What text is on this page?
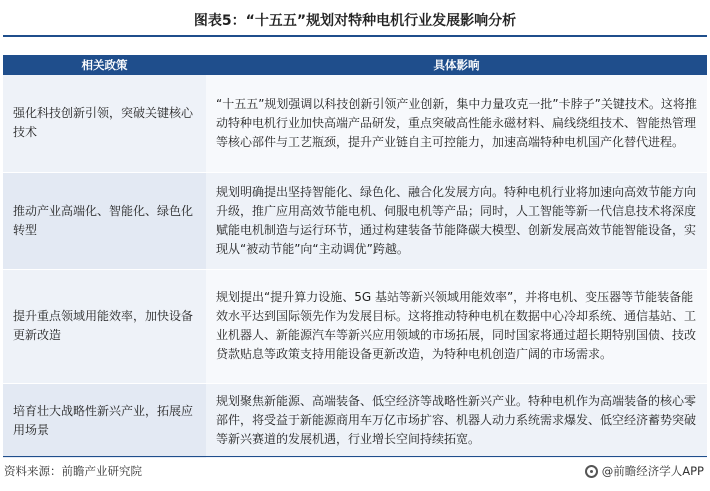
图表5：“十五五”规划对特种电机行业发展影响分析
相关政策	具体影响
强化科技创新引领，突破关键核心技术	“十五五”规划强调以科技创新引领产业创新，集中力量攻克一批”卡脖子”关键技术。这将推动特种电机行业加快高端产品研发，重点突破高性能永磁材料、扁线绕组技术、智能热管理等核心部件与工艺瓶颈，提升产业链自主可控能力，加速高端特种电机国产化替代进程。
推动产业高端化、智能化、绿色化转型	规划明确提出坚持智能化、绿色化、融合化发展方向。特种电机行业将加速向高效节能方向升级，推广应用高效节能电机、伺服电机等产品；同时，人工智能等新一代信息技术将深度赋能电机制造与运行环节，通过构建装备节能降碳大模型、创新发展高效节能智能设备，实现从“被动节能”向“主动调优”跨越。
提升重点领域用能效率，加快设备更新改造	规划提出“提升算力设施、5G 基站等新兴领域用能效率”，并将电机、变压器等节能装备能效水平达到国际领先作为发展目标。这将推动特种电机在数据中心冷却系统、通信基站、工业机器人、新能源汽车等新兴应用领域的市场拓展，同时国家将通过超长期特别国债、技改贷款贴息等政策支持用能设备更新改造，为特种电机创造广阔的市场需求。
培育壮大战略性新兴产业，拓展应用场景	规划聚焦新能源、高端装备、低空经济等战略性新兴产业。特种电机作为高端装备的核心零部件，将受益于新能源商用车万亿市场扩容、机器人动力系统需求爆发、低空经济蓄势突破等新兴赛道的发展机遇，行业增长空间持续拓宽。
资料来源：前瞻产业研究院	@前瞻经济学人APP
